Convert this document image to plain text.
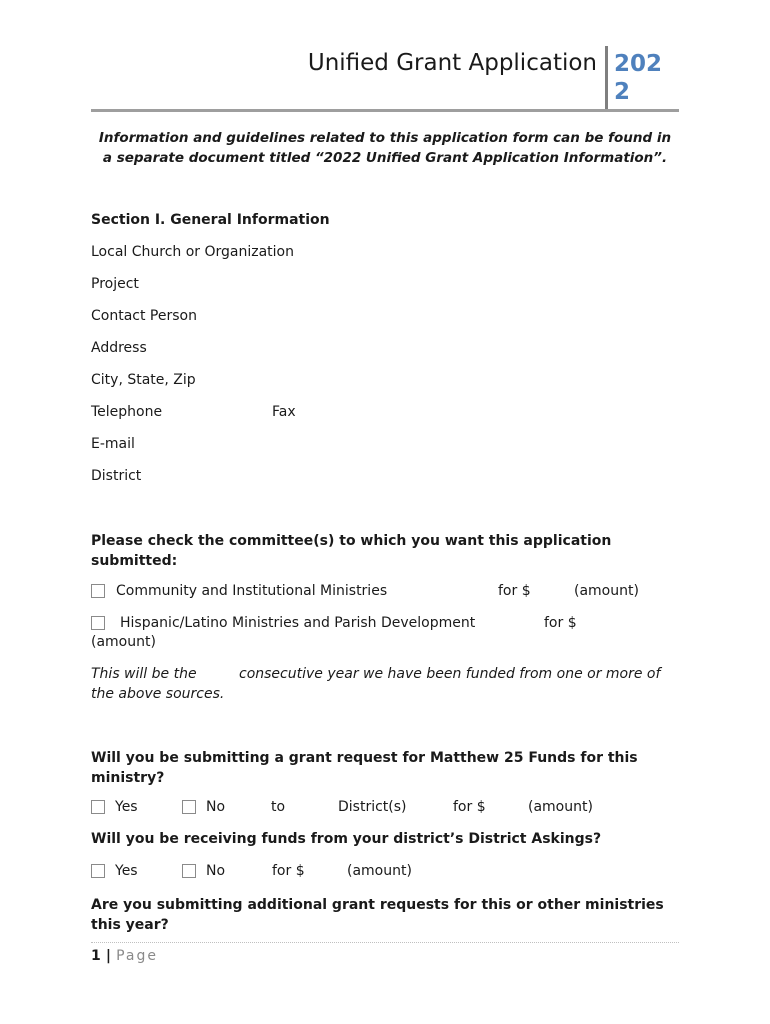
Unified Grant Application 2022
Information and guidelines related to this application form can be found in
a separate document titled “2022 Unified Grant Application Information”.
Section I. General Information
Local Church or Organization
Project
Contact Person
Address
City, State, Zip
Telephone	Fax
E-mail
District
Please check the committee(s) to which you want this application
submitted:
Community and Institutional Ministries	for $	(amount)
Hispanic/Latino Ministries and Parish Development	for $
(amount)
This will be the	consecutive year we have been funded from one or more of
the above sources.
Will you be submitting a grant request for Matthew 25 Funds for this
ministry?
Yes	No	to	District(s)	for $	(amount)
Will you be receiving funds from your district’s District Askings?
Yes	No	for $	(amount)
Are you submitting additional grant requests for this or other ministries
this year?
1 | Page
